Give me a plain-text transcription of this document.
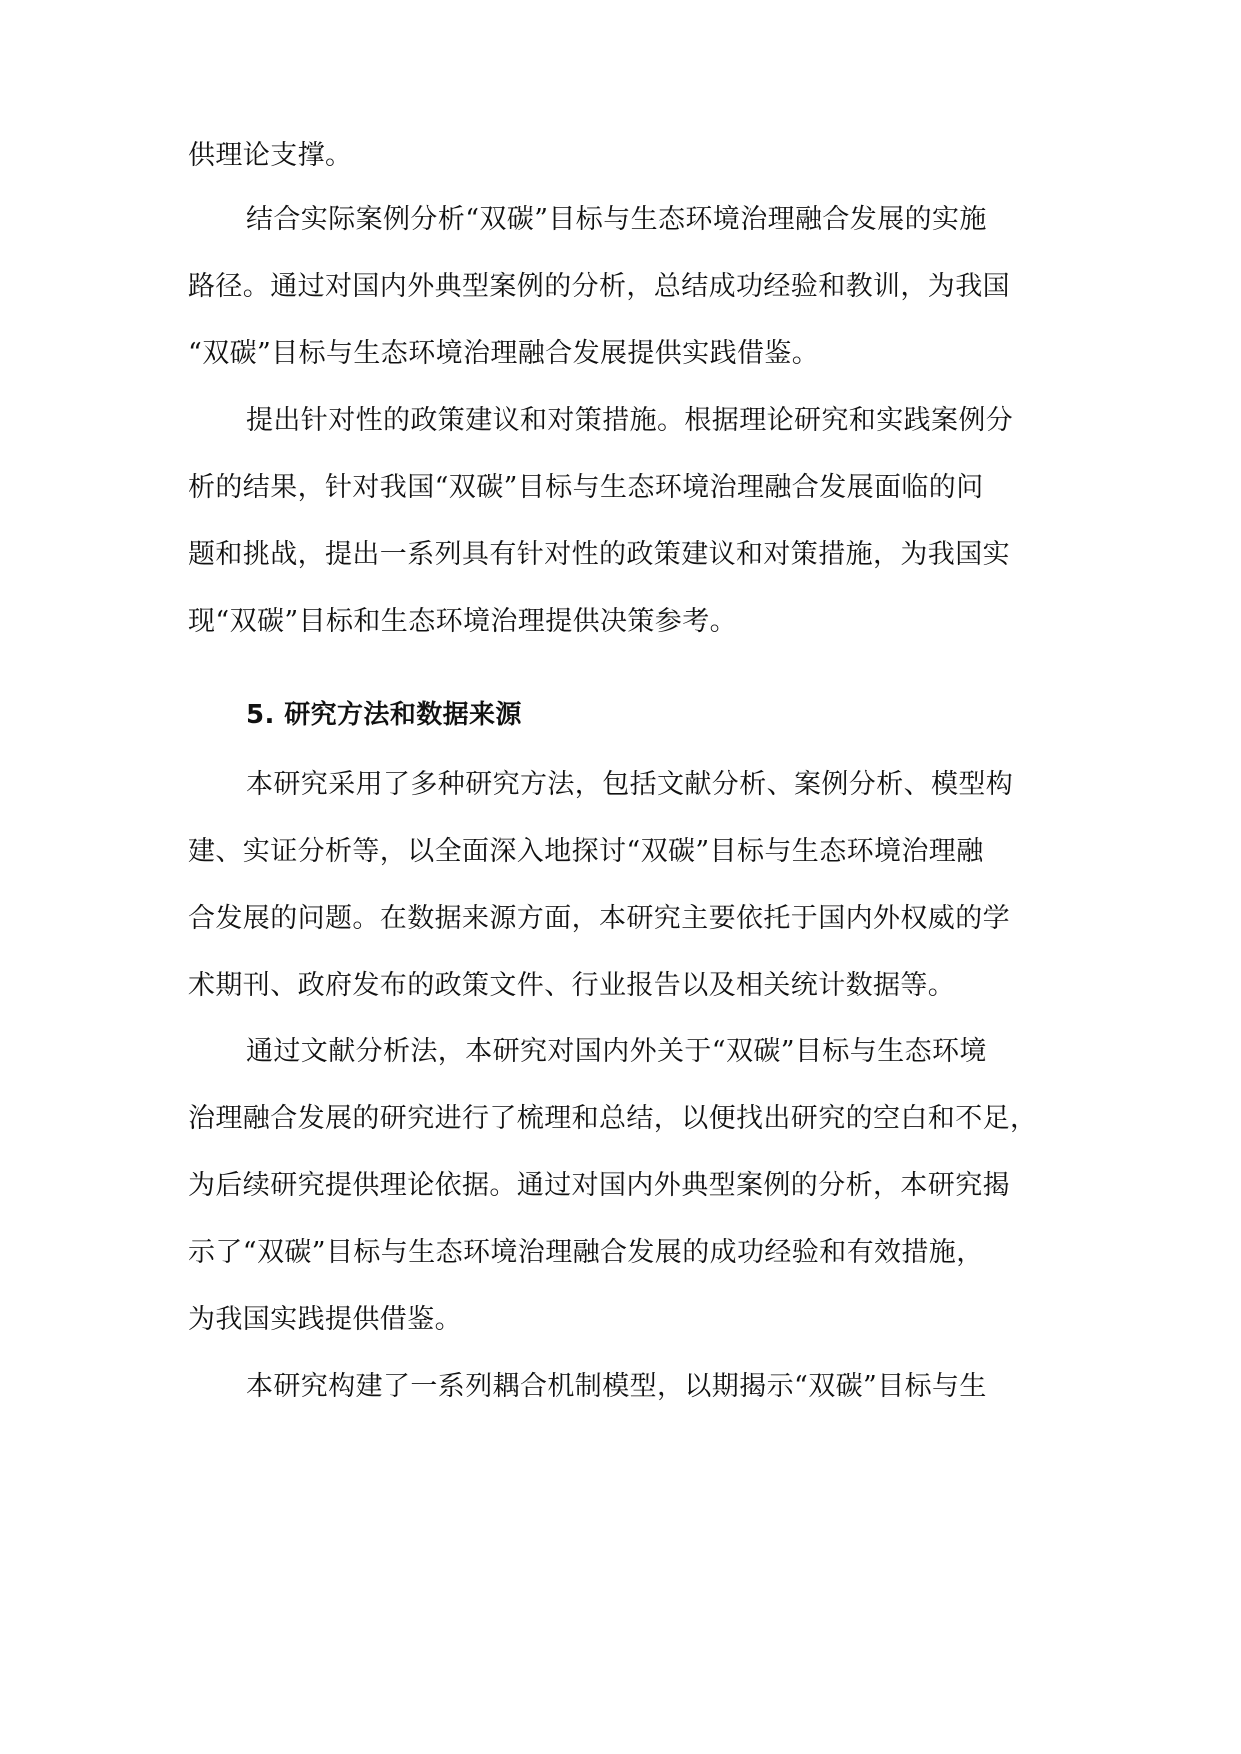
供理论支撑。
结合实际案例分析“双碳”目标与生态环境治理融合发展的实施
路径。通过对国内外典型案例的分析，总结成功经验和教训，为我国
“双碳”目标与生态环境治理融合发展提供实践借鉴。
提出针对性的政策建议和对策措施。根据理论研究和实践案例分
析的结果，针对我国“双碳”目标与生态环境治理融合发展面临的问
题和挑战，提出一系列具有针对性的政策建议和对策措施，为我国实
现“双碳”目标和生态环境治理提供决策参考。
5. 研究方法和数据来源
本研究采用了多种研究方法，包括文献分析、案例分析、模型构
建、实证分析等，以全面深入地探讨“双碳”目标与生态环境治理融
合发展的问题。在数据来源方面，本研究主要依托于国内外权威的学
术期刊、政府发布的政策文件、行业报告以及相关统计数据等。
通过文献分析法，本研究对国内外关于“双碳”目标与生态环境
治理融合发展的研究进行了梳理和总结，以便找出研究的空白和不足，
为后续研究提供理论依据。通过对国内外典型案例的分析，本研究揭
示了“双碳”目标与生态环境治理融合发展的成功经验和有效措施，
为我国实践提供借鉴。
本研究构建了一系列耦合机制模型，以期揭示“双碳”目标与生
